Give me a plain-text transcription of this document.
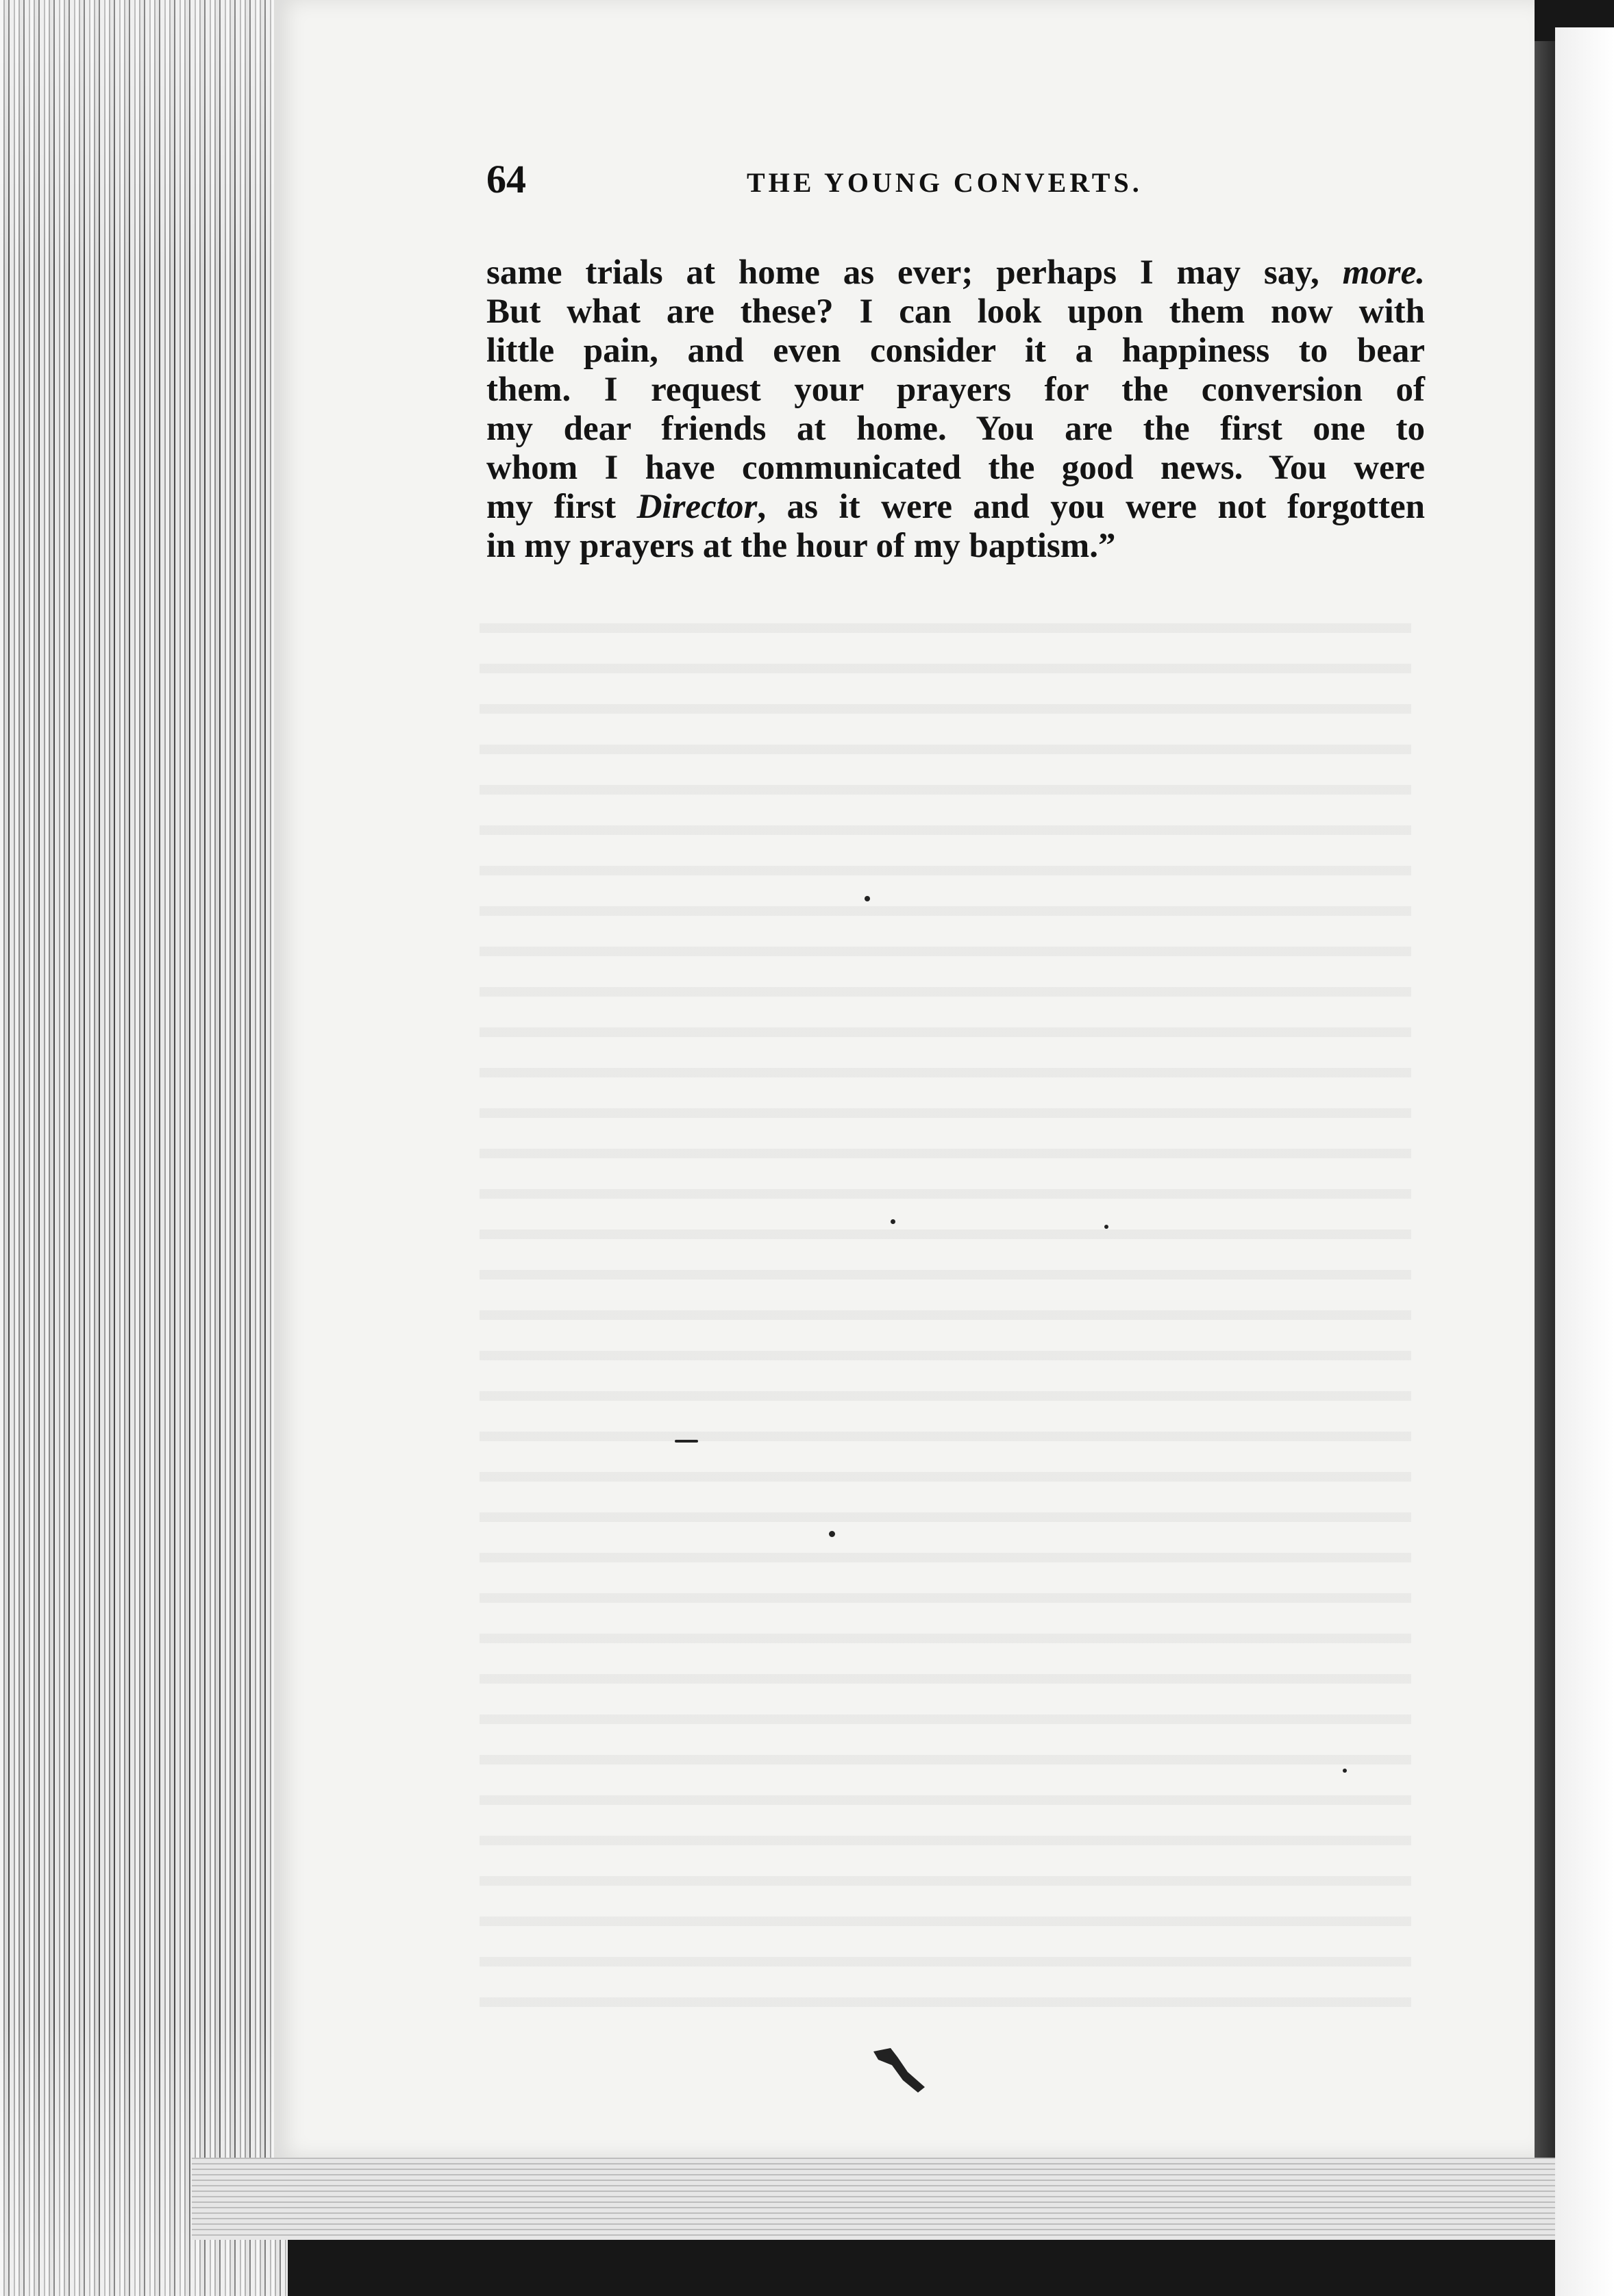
64	THE YOUNG CONVERTS.
same trials at home as ever; perhaps I may say, more.
But what are these? I can look upon them now with
little pain, and even consider it a happiness to bear
them. I request your prayers for the conversion of
my dear friends at home. You are the first one to
whom I have communicated the good news. You were
my first Director, as it were and you were not forgotten
in my prayers at the hour of my baptism.”
